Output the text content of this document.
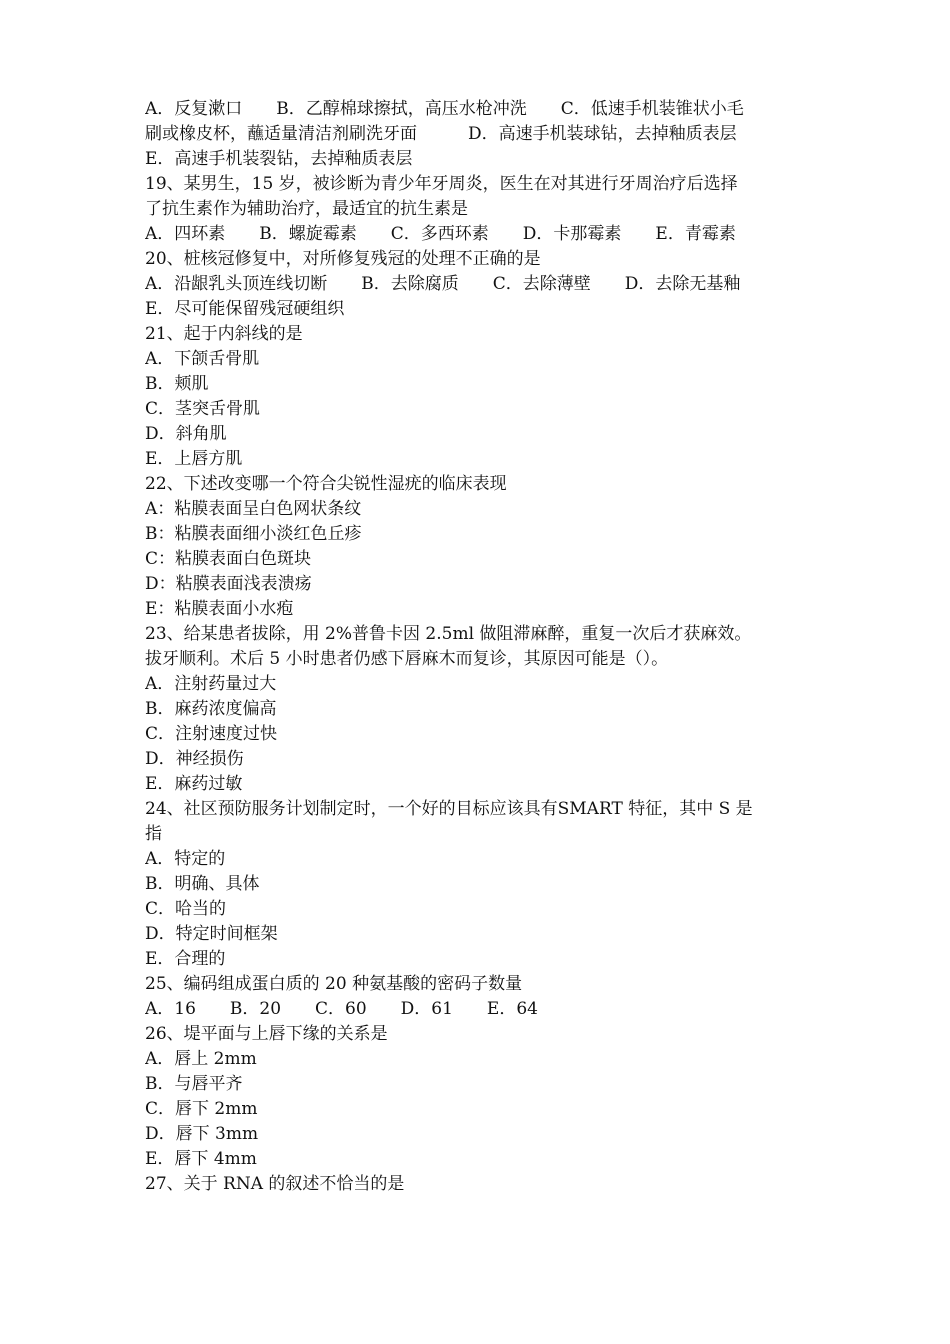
A．反复漱口　　B．乙醇棉球擦拭，高压水枪冲洗　　C．低速手机装锥状小毛
刷或橡皮杯，蘸适量清洁剂刷洗牙面　　　D．高速手机装球钻，去掉釉质表层
E．高速手机装裂钻，去掉釉质表层
19、某男生，15 岁，被诊断为青少年牙周炎，医生在对其进行牙周治疗后选择
了抗生素作为辅助治疗，最适宜的抗生素是
A．四环素　　B．螺旋霉素　　C．多西环素　　D．卡那霉素　　E．青霉素
20、桩核冠修复中，对所修复残冠的处理不正确的是
A．沿龈乳头顶连线切断　　B．去除腐质　　C．去除薄壁　　D．去除无基釉
E．尽可能保留残冠硬组织
21、起于内斜线的是
A．下颌舌骨肌
B．颊肌
C．茎突舌骨肌
D．斜角肌
E．上唇方肌
22、下述改变哪一个符合尖锐性湿疣的临床表现
A：粘膜表面呈白色网状条纹
B：粘膜表面细小淡红色丘疹
C：粘膜表面白色斑块
D：粘膜表面浅表溃疡
E：粘膜表面小水疱
23、给某患者拔除，用 2%普鲁卡因 2.5ml 做阻滞麻醉，重复一次后才获麻效。
拔牙顺利。术后 5 小时患者仍感下唇麻木而复诊，其原因可能是（）。
A．注射药量过大
B．麻药浓度偏高
C．注射速度过快
D．神经损伤
E．麻药过敏
24、社区预防服务计划制定时，一个好的目标应该具有SMART 特征，其中 S 是
指
A．特定的
B．明确、具体
C．哈当的
D．特定时间框架
E．合理的
25、编码组成蛋白质的 20 种氨基酸的密码子数量
A．16　　B．20　　C．60　　D．61　　E．64
26、堤平面与上唇下缘的关系是
A．唇上 2mm
B．与唇平齐
C．唇下 2mm
D．唇下 3mm
E．唇下 4mm
27、关于 RNA 的叙述不恰当的是
